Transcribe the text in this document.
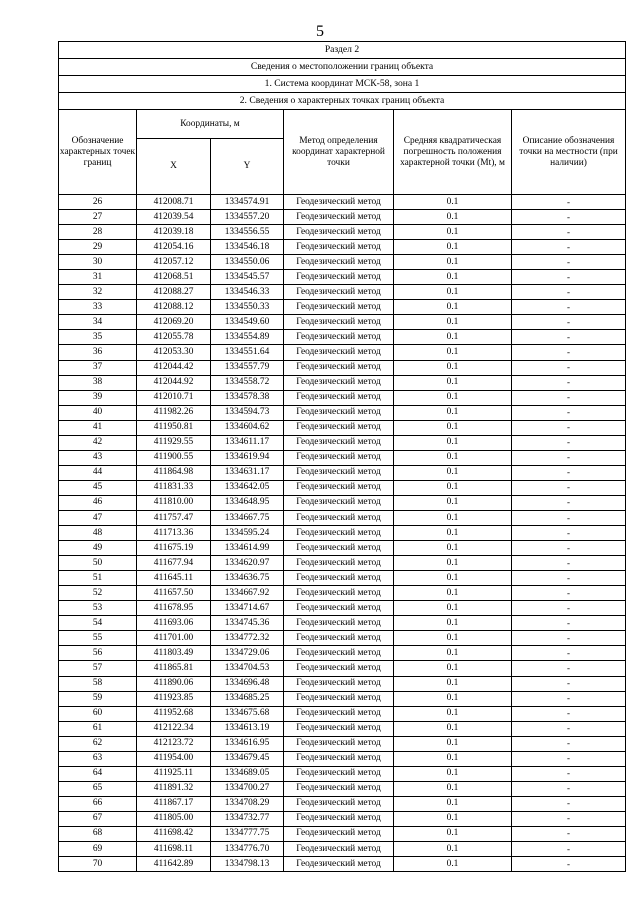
5
Раздел 2					
Сведения о местоположении границ объекта					
1. Система координат МСК-58, зона 1					
2. Сведения о характерных точках границ объекта					
Обозначение характерных точек границ	Координаты, м		Метод определения координат характерной точки	Средняя квадратическая погрешность положения характерной точки (Mt), м	Описание обозначения точки на местности (при наличии)
	X	Y			
26	412008.71	1334574.91	Геодезический метод	0.1	-
27	412039.54	1334557.20	Геодезический метод	0.1	-
28	412039.18	1334556.55	Геодезический метод	0.1	-
29	412054.16	1334546.18	Геодезический метод	0.1	-
30	412057.12	1334550.06	Геодезический метод	0.1	-
31	412068.51	1334545.57	Геодезический метод	0.1	-
32	412088.27	1334546.33	Геодезический метод	0.1	-
33	412088.12	1334550.33	Геодезический метод	0.1	-
34	412069.20	1334549.60	Геодезический метод	0.1	-
35	412055.78	1334554.89	Геодезический метод	0.1	-
36	412053.30	1334551.64	Геодезический метод	0.1	-
37	412044.42	1334557.79	Геодезический метод	0.1	-
38	412044.92	1334558.72	Геодезический метод	0.1	-
39	412010.71	1334578.38	Геодезический метод	0.1	-
40	411982.26	1334594.73	Геодезический метод	0.1	-
41	411950.81	1334604.62	Геодезический метод	0.1	-
42	411929.55	1334611.17	Геодезический метод	0.1	-
43	411900.55	1334619.94	Геодезический метод	0.1	-
44	411864.98	1334631.17	Геодезический метод	0.1	-
45	411831.33	1334642.05	Геодезический метод	0.1	-
46	411810.00	1334648.95	Геодезический метод	0.1	-
47	411757.47	1334667.75	Геодезический метод	0.1	-
48	411713.36	1334595.24	Геодезический метод	0.1	-
49	411675.19	1334614.99	Геодезический метод	0.1	-
50	411677.94	1334620.97	Геодезический метод	0.1	-
51	411645.11	1334636.75	Геодезический метод	0.1	-
52	411657.50	1334667.92	Геодезический метод	0.1	-
53	411678.95	1334714.67	Геодезический метод	0.1	-
54	411693.06	1334745.36	Геодезический метод	0.1	-
55	411701.00	1334772.32	Геодезический метод	0.1	-
56	411803.49	1334729.06	Геодезический метод	0.1	-
57	411865.81	1334704.53	Геодезический метод	0.1	-
58	411890.06	1334696.48	Геодезический метод	0.1	-
59	411923.85	1334685.25	Геодезический метод	0.1	-
60	411952.68	1334675.68	Геодезический метод	0.1	-
61	412122.34	1334613.19	Геодезический метод	0.1	-
62	412123.72	1334616.95	Геодезический метод	0.1	-
63	411954.00	1334679.45	Геодезический метод	0.1	-
64	411925.11	1334689.05	Геодезический метод	0.1	-
65	411891.32	1334700.27	Геодезический метод	0.1	-
66	411867.17	1334708.29	Геодезический метод	0.1	-
67	411805.00	1334732.77	Геодезический метод	0.1	-
68	411698.42	1334777.75	Геодезический метод	0.1	-
69	411698.11	1334776.70	Геодезический метод	0.1	-
70	411642.89	1334798.13	Геодезический метод	0.1	-
